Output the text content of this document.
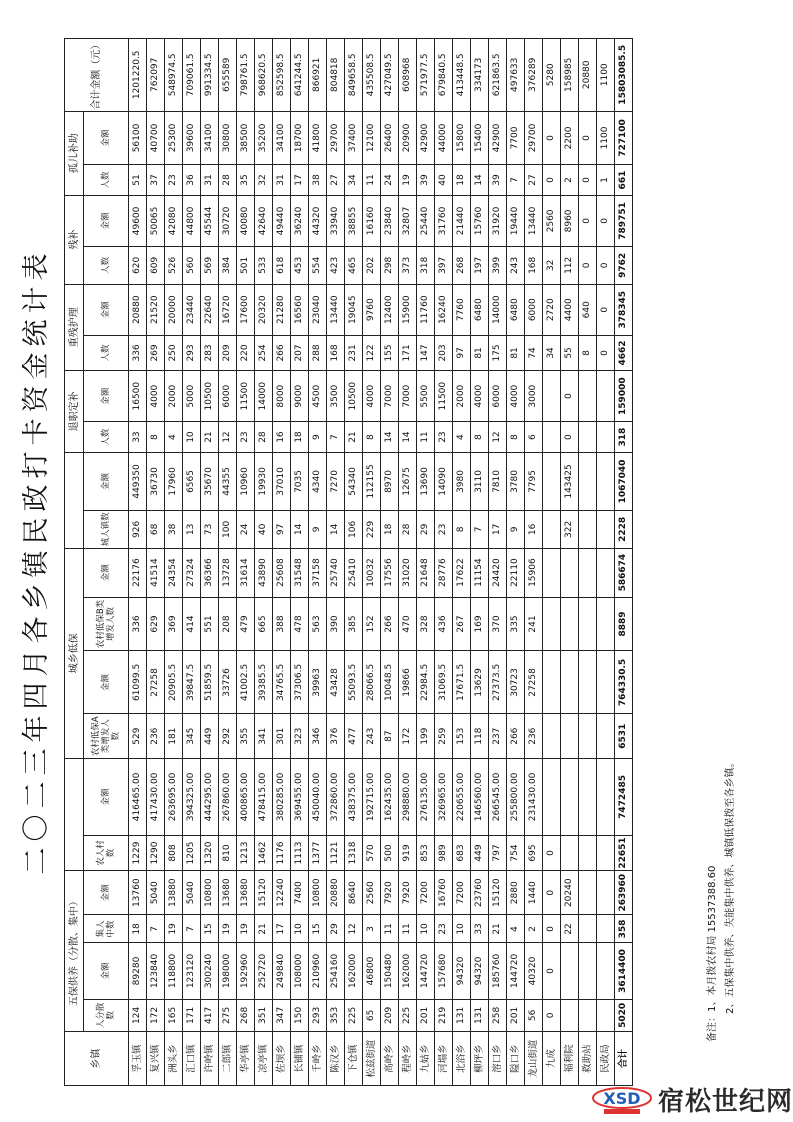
二〇二三年四月各乡镇民政打卡资金统计表
乡镇	五保供养（分散、集中）						城乡低保						退职定补		重残护理		残补		孤儿补助		合计金额（元）
	人分散数	金额	集人中数	金额	农人村数	金额	农村低保A类增发人数	金额	农村低保B类增发人数	金额	城人镇数	金额	人数	金额	人数	金额	人数	金额	人数	金额	
孚玉镇	124	89280	18	13760	1229	416465.00	529	61099.5	336	22176	926	449350	33	16500	336	20880	620	49600	51	56100	1201220.5
复兴镇	172	123840	7	5040	1290	417430.00	236	27258	629	41514	68	36730	8	4000	269	21520	609	50065	37	40700	762097
洲头乡	165	118800	19	13880	808	263695.00	181	20905.5	369	24354	38	17960	4	2000	250	20000	526	42080	23	25300	548974.5
汇口镇	171	123120	7	5040	1205	394325.00	345	39847.5	414	27324	13	6565	10	5000	293	23440	560	44800	36	39600	709061.5
许岭镇	417	300240	15	10800	1320	444295.00	449	51859.5	551	36366	73	35670	21	10500	283	22640	569	45544	31	34100	991334.5
二郎镇	275	198000	19	13680	810	267860.00	292	33726	208	13728	100	44355	12	6000	209	16720	384	30720	28	30800	655589
华亭镇	268	192960	19	13680	1213	400865.00	355	41002.5	479	31614	24	10960	23	11500	220	17600	501	40080	35	38500	798761.5
凉亭镇	351	252720	21	15120	1462	478415.00	341	39385.5	665	43890	40	19930	28	14000	254	20320	533	42640	32	35200	968620.5
佐坝乡	347	249840	17	12240	1176	380285.00	301	34765.5	388	25608	97	37010	16	8000	266	21280	618	49440	31	34100	852598.5
长铺镇	150	108000	10	7400	1113	369455.00	323	37306.5	478	31548	14	7035	18	9000	207	16560	453	36240	17	18700	641244.5
千岭乡	293	210960	15	10800	1377	450040.00	346	39963	563	37158	9	4340	9	4500	288	23040	554	44320	38	41800	866921
陈汉乡	353	254160	29	20880	1121	372860.00	376	43428	390	25740	14	7270	7	3500	168	13440	423	33940	27	29700	804818
下仓镇	225	162000	12	8640	1318	438375.00	477	55093.5	385	25410	106	54340	21	10500	231	19045	465	38855	34	37400	849658.5
松兹街道	65	46800	3	2560	570	192715.00	243	28066.5	152	10032	229	112155	8	4000	122	9760	202	16160	11	12100	435508.5
高岭乡	209	150480	11	7920	500	162435.00	87	10048.5	266	17556	18	8970	14	7000	155	12400	298	23840	24	26400	427049.5
程岭乡	225	162000	11	7920	919	298880.00	172	19866	470	31020	28	12675	14	7000	171	15900	373	32807	19	20900	608968
九姑乡	201	144720	10	7200	853	276135.00	199	22984.5	328	21648	29	13690	11	5500	147	11760	318	25440	39	42900	571977.5
河塌乡	219	157680	23	16760	989	326965.00	259	31069.5	436	28776	23	14090	23	11500	203	16240	397	31760	40	44000	679840.5
北浴乡	131	94320	10	7200	683	220655.00	153	17671.5	267	17622	8	3980	4	2000	97	7760	268	21440	18	15800	413448.5
柳坪乡	131	94320	33	23760	449	146560.00	118	13629	169	11154	7	3110	8	4000	81	6480	197	15760	14	15400	334173
溶口乡	258	185760	21	15120	797	266545.00	237	27373.5	370	24420	17	7810	12	6000	175	14000	399	31920	39	42900	621863.5
隘口乡	201	144720	4	2880	754	255800.00	266	30723	335	22110	9	3780	8	4000	81	6480	243	19440	7	7700	497633
龙山街道	56	40320	2	1440	695	231430.00	236	27258	241	15906	16	7795	6	3000	74	6000	168	13440	27	29700	376289
九成	0	0	0	0	0										34	2720	32	2560	0	0	5280
福利院			22	20240							322	143425	0	0	55	4400	112	8960	2	2200	158985
救助站															8	640	0	0	0	0	20880
民政局															0	0	0	0	1	1100	1100
合计	5020	3614400	358	263960	22651	7472485	6531	764330.5	8889	586674	2228	1067040	318	159000	4662	378345	9762	789751	661	727100	15803085.5
备注：1、本月拨农村局 15537388.60 2、五保集中供养、失能集中供养、城镇低保拨至各乡镇。
XSD 宿松世纪网
